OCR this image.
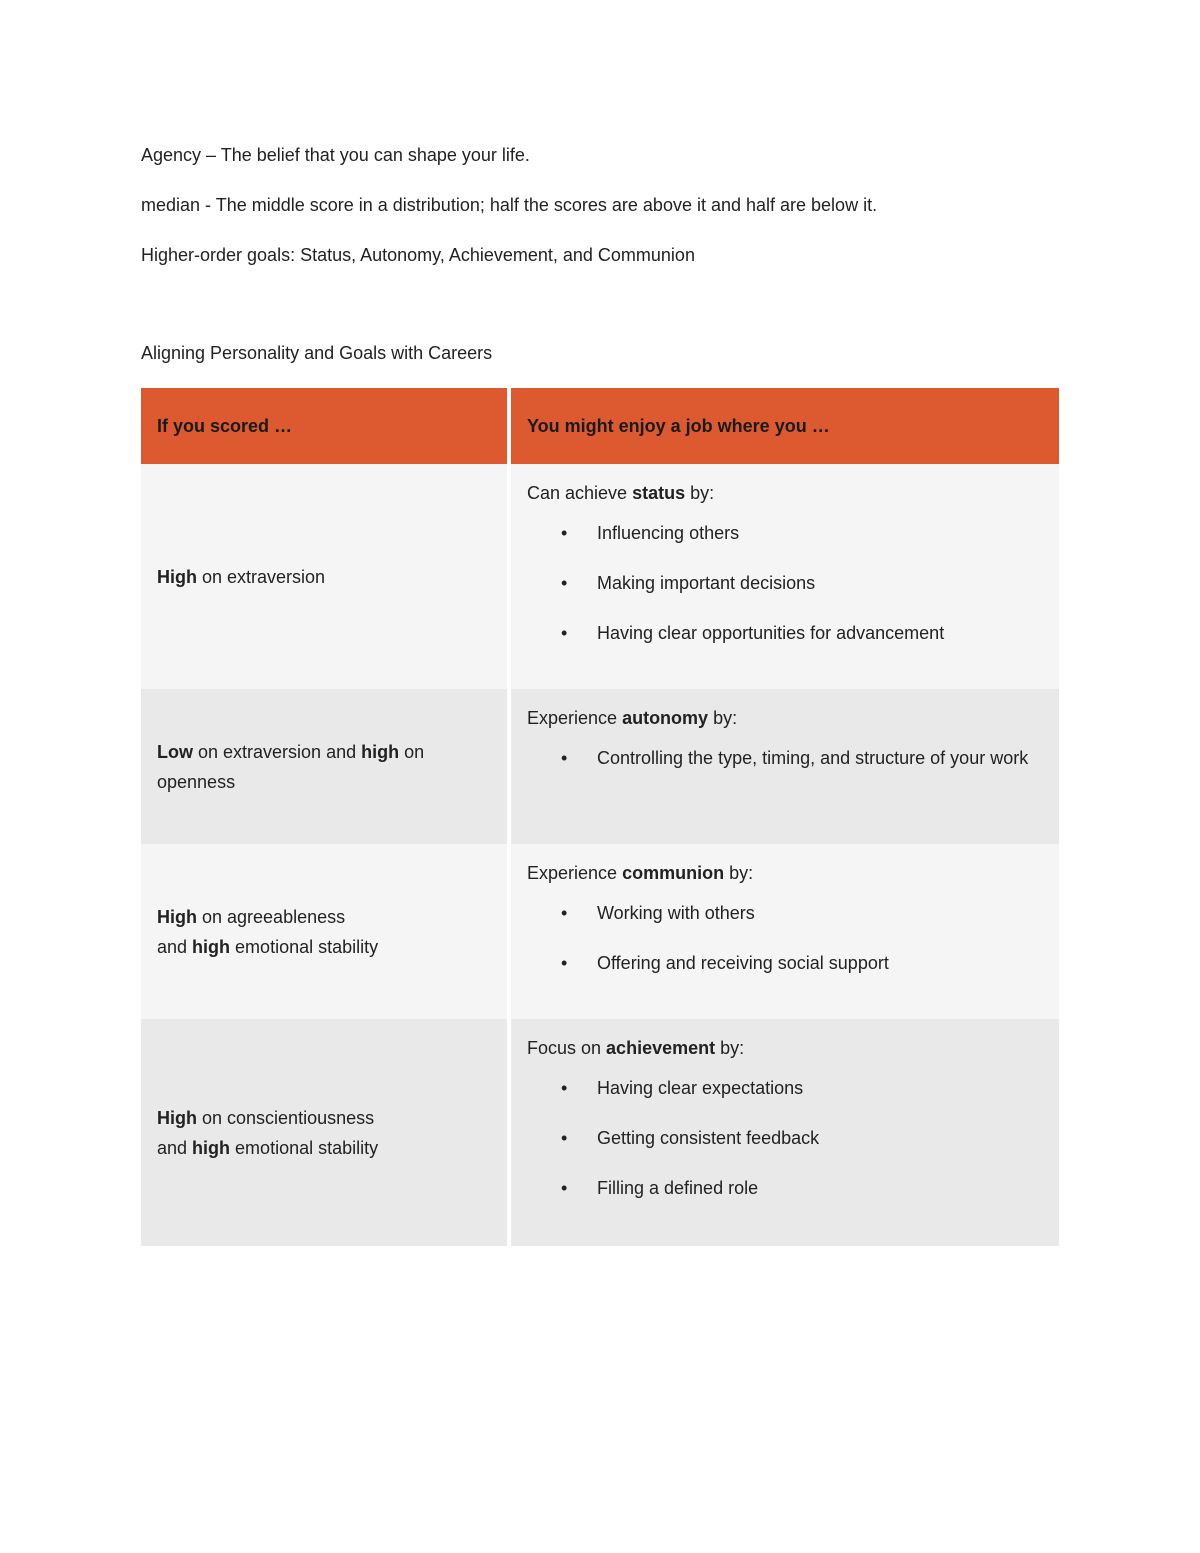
Agency – The belief that you can shape your life.

median - The middle score in a distribution; half the scores are above it and half are below it.

Higher-order goals: Status, Autonomy, Achievement, and Communion

Aligning Personality and Goals with Careers

If you scored …	You might enjoy a job where you …
High on extraversion
Can achieve status by:
• Influencing others
• Making important decisions
• Having clear opportunities for advancement
Low on extraversion and high on openness
Experience autonomy by:
• Controlling the type, timing, and structure of your work
High on agreeableness
and high emotional stability
Experience communion by:
• Working with others
• Offering and receiving social support
High on conscientiousness
and high emotional stability
Focus on achievement by:
• Having clear expectations
• Getting consistent feedback
• Filling a defined role
